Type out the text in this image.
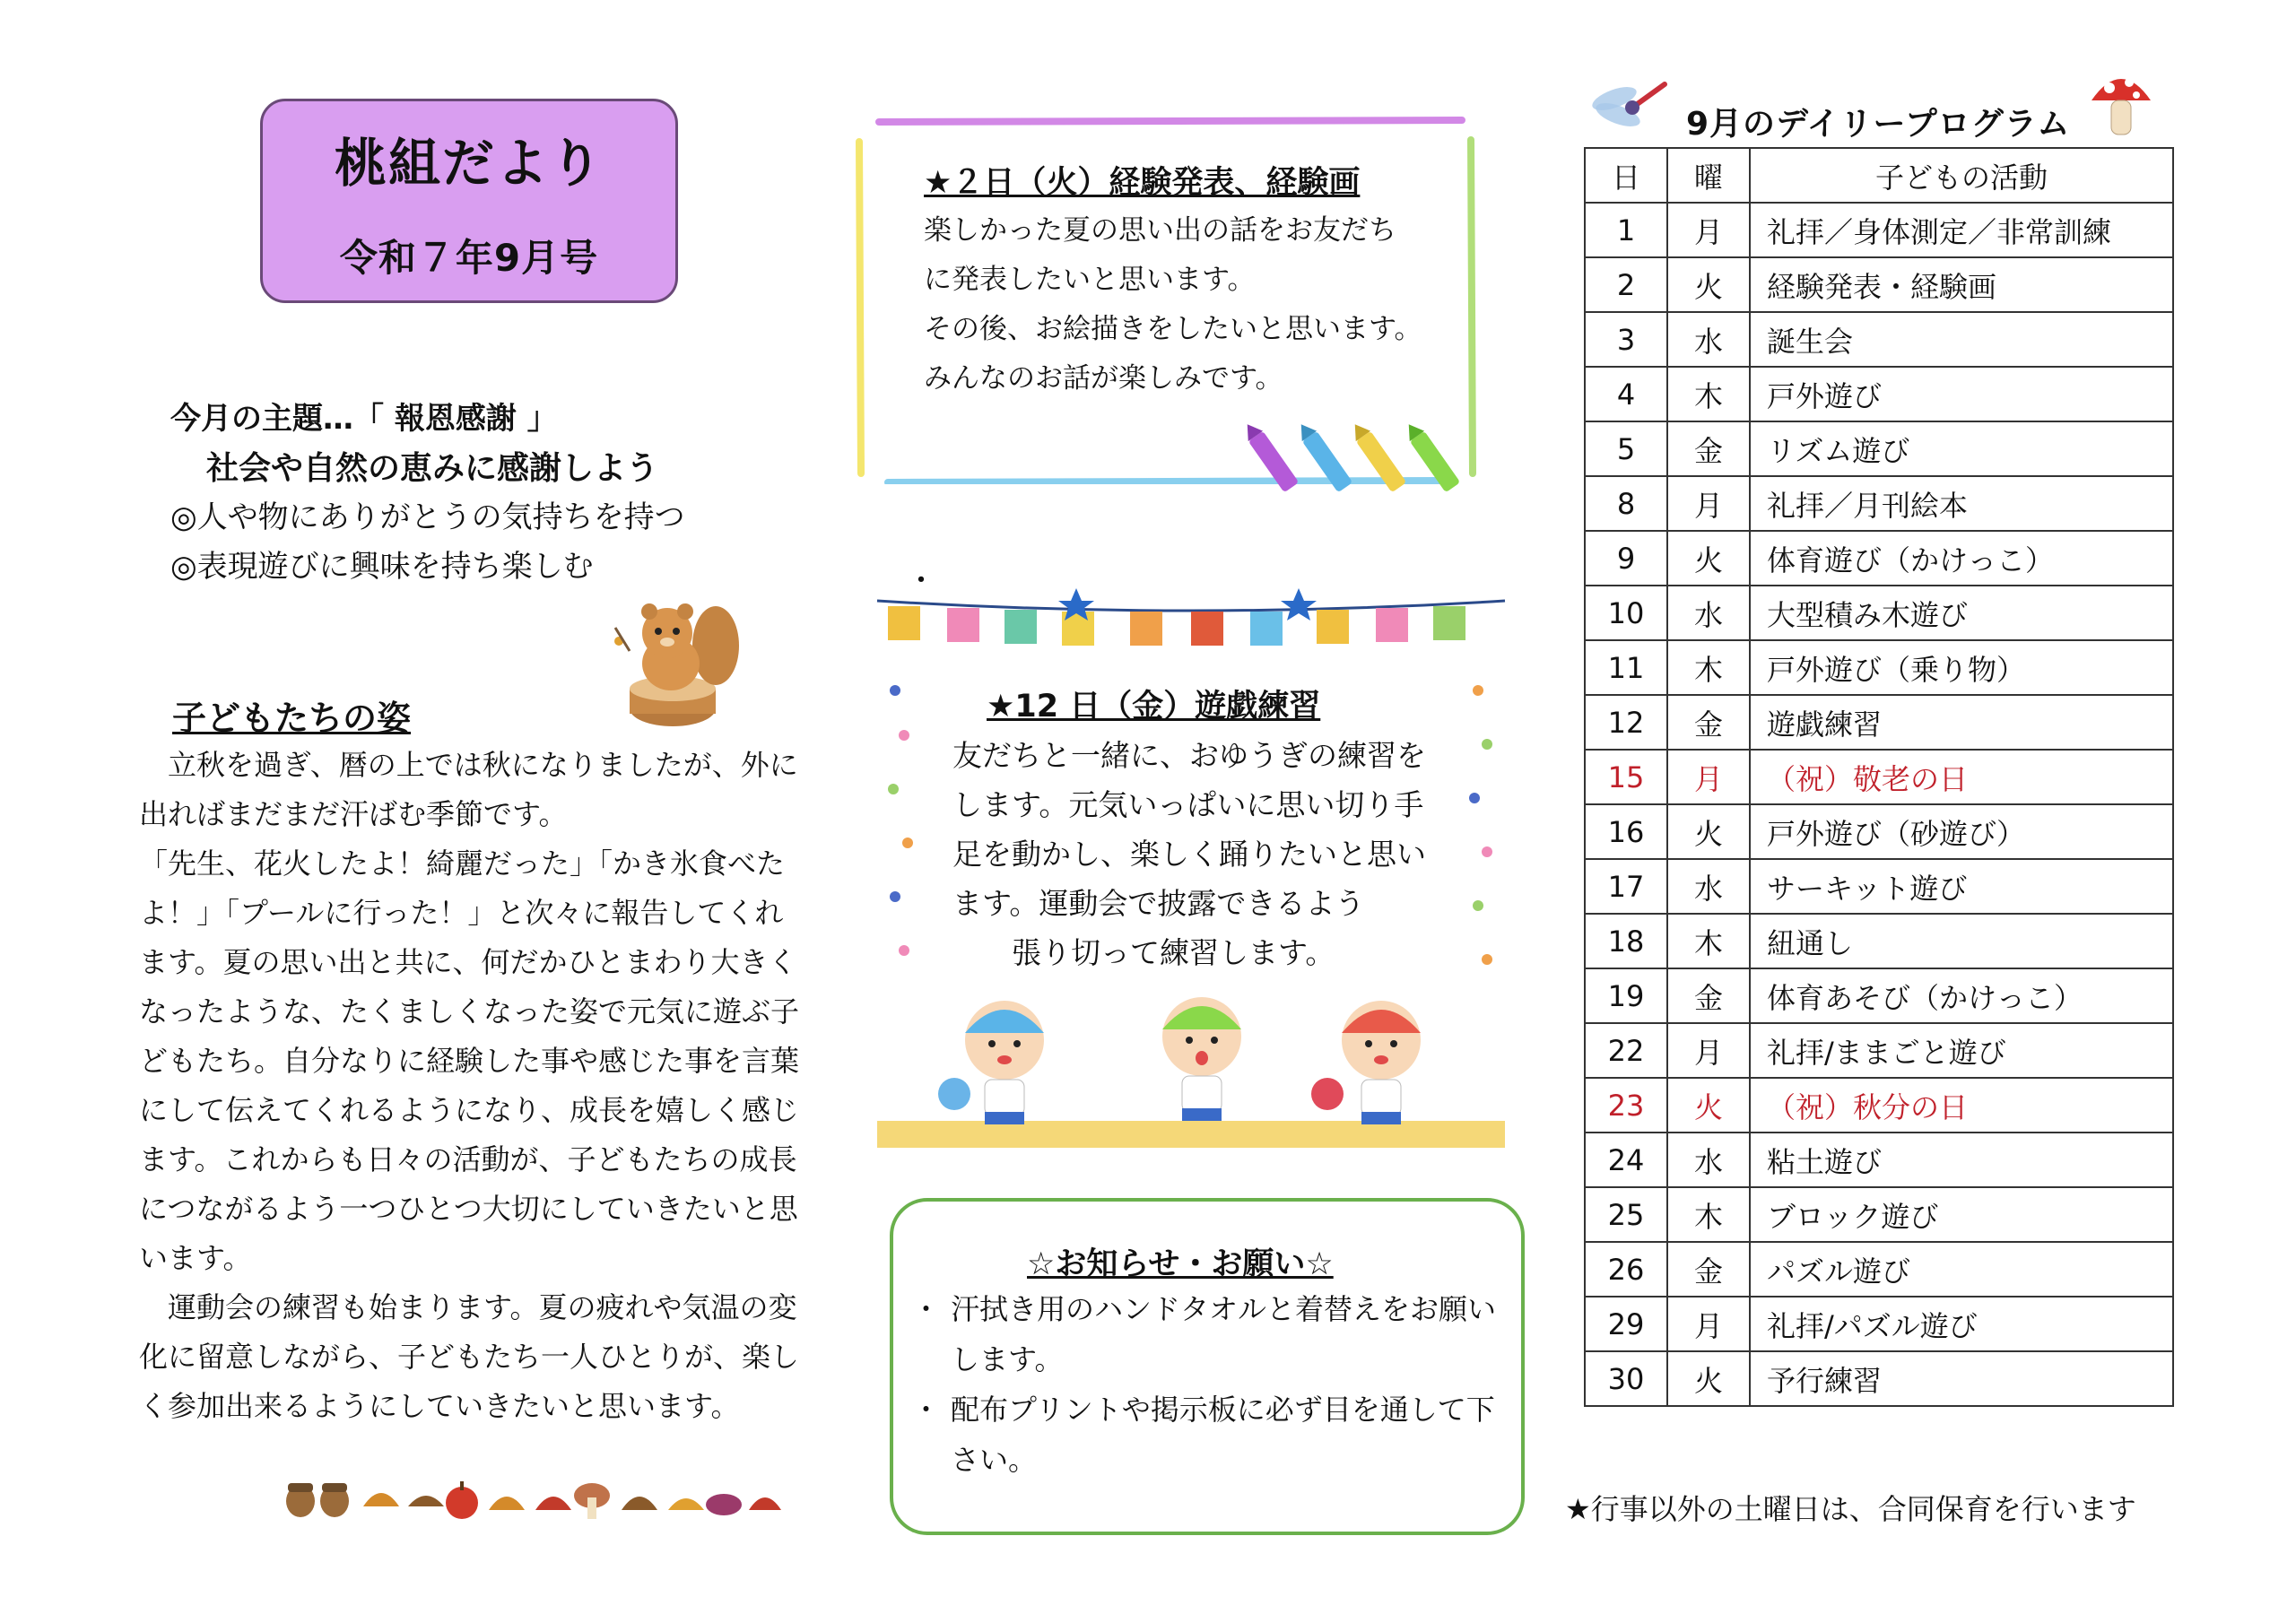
桃組だより
令和７年9月号
今月の主題…「 報恩感謝 」
社会や自然の恵みに感謝しよう
◎人や物にありがとうの気持ちを持つ
◎表現遊びに興味を持ち楽しむ
子どもたちの姿

　立秋を過ぎ、暦の上では秋になりましたが、外に出ればまだまだ汗ばむ季節です。

「先生、花火したよ！綺麗だった」「かき氷食べたよ！」「プールに行った！」と次々に報告してくれます。夏の思い出と共に、何だかひとまわり大きくなったような、たくましくなった姿で元気に遊ぶ子どもたち。自分なりに経験した事や感じた事を言葉にして伝えてくれるようになり、成長を嬉しく感じます。これからも日々の活動が、子どもたちの成長につながるよう一つひとつ大切にしていきたいと思います。

　運動会の練習も始まります。夏の疲れや気温の変化に留意しながら、子どもたち一人ひとりが、楽しく参加出来るようにしていきたいと思います。

★２日（火）経験発表、経験画

楽しかった夏の思い出の話をお友だち

に発表したいと思います。

その後、お絵描きをしたいと思います。

みんなのお話が楽しみです。

・
★12 日（金）遊戯練習

友だちと一緒に、おゆうぎの練習を

します。元気いっぱいに思い切り手

足を動かし、楽しく踊りたいと思い

ます。運動会で披露できるよう

　　張り切って練習します。

☆お知らせ・お願い☆
・ 汗拭き用のハンドタオルと着替えをお願いします。
・ 配布プリントや掲示板に必ず目を通して下さい。
9月のデイリープログラム
日	曜	子どもの活動
1	月	礼拝／身体測定／非常訓練
2	火	経験発表・経験画
3	水	誕生会
4	木	戸外遊び
5	金	リズム遊び
8	月	礼拝／月刊絵本
9	火	体育遊び（かけっこ）
10	水	大型積み木遊び
11	木	戸外遊び（乗り物）
12	金	遊戯練習
15	月	（祝）敬老の日
16	火	戸外遊び（砂遊び）
17	水	サーキット遊び
18	木	紐通し
19	金	体育あそび（かけっこ）
22	月	礼拝/ままごと遊び
23	火	（祝）秋分の日
24	水	粘土遊び
25	木	ブロック遊び
26	金	パズル遊び
29	月	礼拝/パズル遊び
30	火	予行練習
★行事以外の土曜日は、合同保育を行います
